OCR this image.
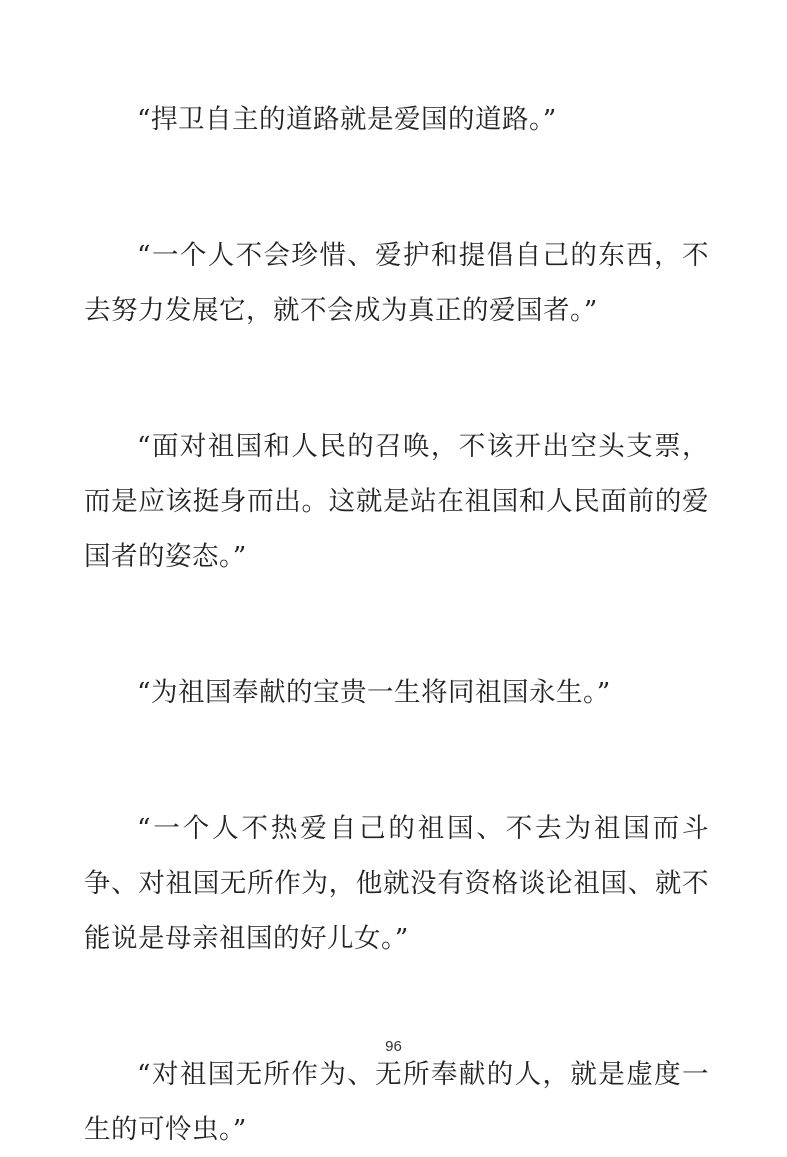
“捍卫自主的道路就是爱国的道路。”

“一个人不会珍惜、爱护和提倡自己的东西，不去努力发展它，就不会成为真正的爱国者。”

“面对祖国和人民的召唤，不该开出空头支票，而是应该挺身而出。这就是站在祖国和人民面前的爱国者的姿态。”

“为祖国奉献的宝贵一生将同祖国永生。”

“一个人不热爱自己的祖国、不去为祖国而斗争、对祖国无所作为，他就没有资格谈论祖国、就不能说是母亲祖国的好儿女。”

“对祖国无所作为、无所奉献的人，就是虚度一生的可怜虫。”

96
